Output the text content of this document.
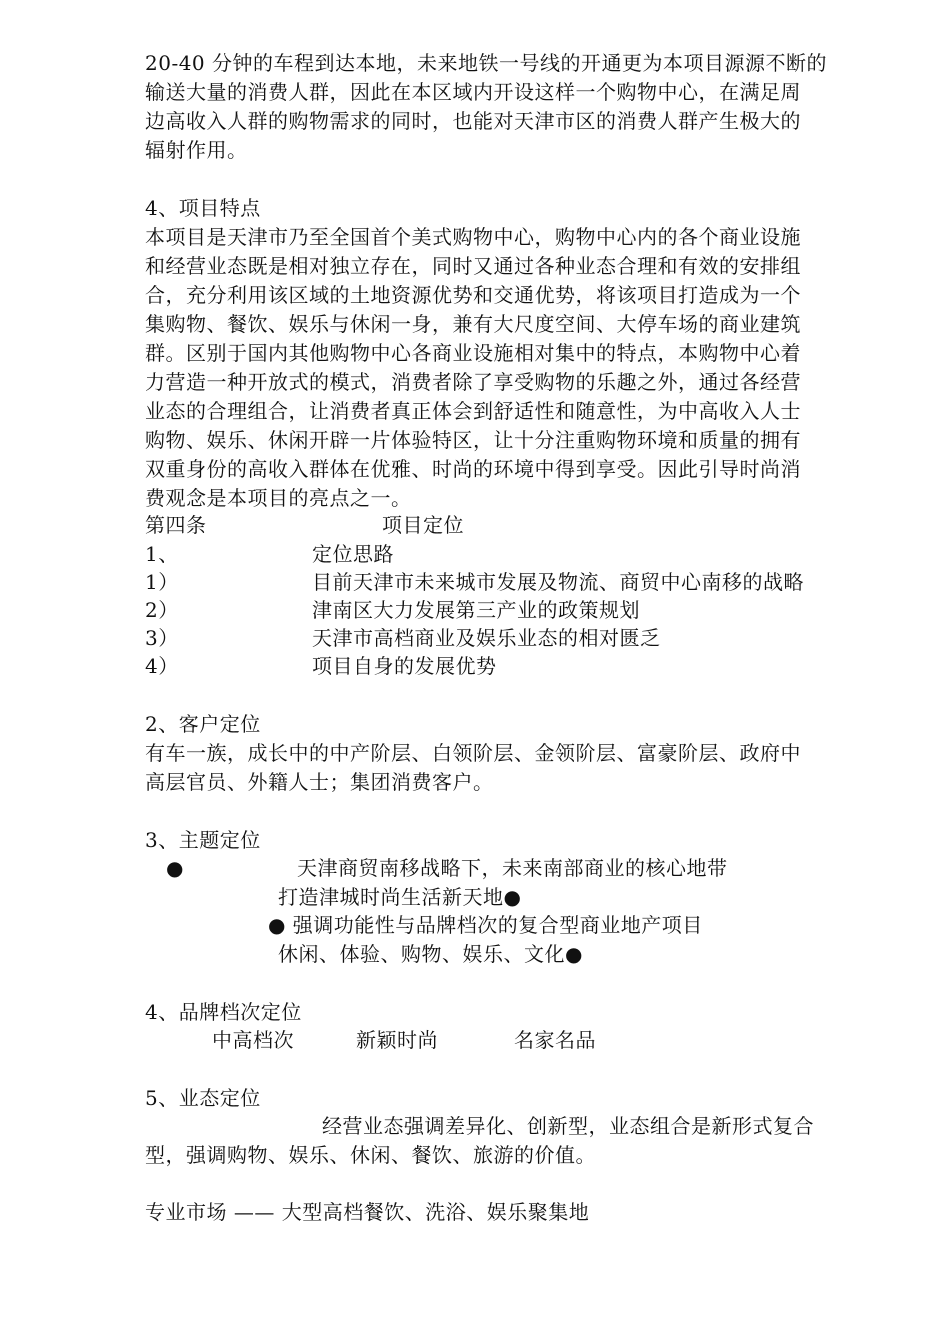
20-40 分钟的车程到达本地，未来地铁一号线的开通更为本项目源源不断的
输送大量的消费人群，因此在本区域内开设这样一个购物中心，在满足周
边高收入人群的购物需求的同时，也能对天津市区的消费人群产生极大的
辐射作用。
4、项目特点
本项目是天津市乃至全国首个美式购物中心，购物中心内的各个商业设施
和经营业态既是相对独立存在，同时又通过各种业态合理和有效的安排组
合，充分利用该区域的土地资源优势和交通优势，将该项目打造成为一个
集购物、餐饮、娱乐与休闲一身，兼有大尺度空间、大停车场的商业建筑
群。区别于国内其他购物中心各商业设施相对集中的特点，本购物中心着
力营造一种开放式的模式，消费者除了享受购物的乐趣之外，通过各经营
业态的合理组合，让消费者真正体会到舒适性和随意性，为中高收入人士
购物、娱乐、休闲开辟一片体验特区，让十分注重购物环境和质量的拥有
双重身份的高收入群体在优雅、时尚的环境中得到享受。因此引导时尚消
费观念是本项目的亮点之一。
第四条	项目定位
1、	定位思路
1）	目前天津市未来城市发展及物流、商贸中心南移的战略
2）	津南区大力发展第三产业的政策规划
3）	天津市高档商业及娱乐业态的相对匮乏
4）	项目自身的发展优势
2、客户定位
有车一族，成长中的中产阶层、白领阶层、金领阶层、富豪阶层、政府中
高层官员、外籍人士；集团消费客户。
3、主题定位
●	天津商贸南移战略下，未来南部商业的核心地带
打造津城时尚生活新天地●
● 强调功能性与品牌档次的复合型商业地产项目
休闲、体验、购物、娱乐、文化●
4、品牌档次定位
中高档次	新颖时尚	名家名品
5、业态定位
经营业态强调差异化、创新型，业态组合是新形式复合
型，强调购物、娱乐、休闲、餐饮、旅游的价值。
专业市场 —— 大型高档餐饮、洗浴、娱乐聚集地
